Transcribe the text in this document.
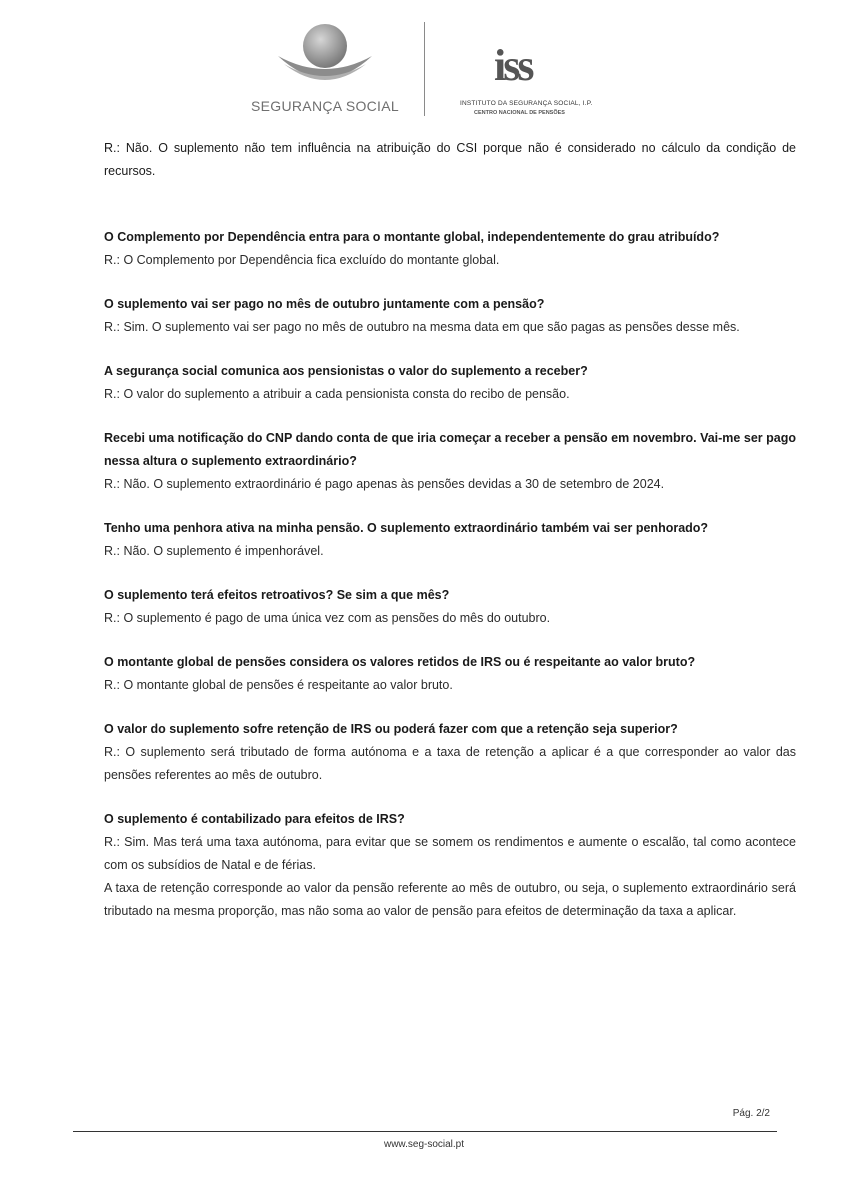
SEGURANÇA SOCIAL
iss
INSTITUTO DA SEGURANÇA SOCIAL, I.P.
CENTRO NACIONAL DE PENSÕES

R.: Não. O suplemento não tem influência na atribuição do CSI porque não é considerado no cálculo da condição de recursos.

O Complemento por Dependência entra para o montante global, independentemente do grau atribuído?

R.: O Complemento por Dependência fica excluído do montante global.

O suplemento vai ser pago no mês de outubro juntamente com a pensão?

R.: Sim. O suplemento vai ser pago no mês de outubro na mesma data em que são pagas as pensões desse mês.

A segurança social comunica aos pensionistas o valor do suplemento a receber?

R.: O valor do suplemento a atribuir a cada pensionista consta do recibo de pensão.

Recebi uma notificação do CNP dando conta de que iria começar a receber a pensão em novembro. Vai-me ser pago nessa altura o suplemento extraordinário?

R.: Não. O suplemento extraordinário é pago apenas às pensões devidas a 30 de setembro de 2024.

Tenho uma penhora ativa na minha pensão. O suplemento extraordinário também vai ser penhorado?

R.: Não. O suplemento é impenhorável.

O suplemento terá efeitos retroativos? Se sim a que mês?

R.: O suplemento é pago de uma única vez com as pensões do mês do outubro.

O montante global de pensões considera os valores retidos de IRS ou é respeitante ao valor bruto?

R.: O montante global de pensões é respeitante ao valor bruto.

O valor do suplemento sofre retenção de IRS ou poderá fazer com que a retenção seja superior?

R.: O suplemento será tributado de forma autónoma e a taxa de retenção a aplicar é a que corresponder ao valor das pensões referentes ao mês de outubro.

O suplemento é contabilizado para efeitos de IRS?

R.: Sim. Mas terá uma taxa autónoma, para evitar que se somem os rendimentos e aumente o escalão, tal como acontece com os subsídios de Natal e de férias.

A taxa de retenção corresponde ao valor da pensão referente ao mês de outubro, ou seja, o suplemento extraordinário será tributado na mesma proporção, mas não soma ao valor de pensão para efeitos de determinação da taxa a aplicar.

Pág. 2/2
www.seg-social.pt
